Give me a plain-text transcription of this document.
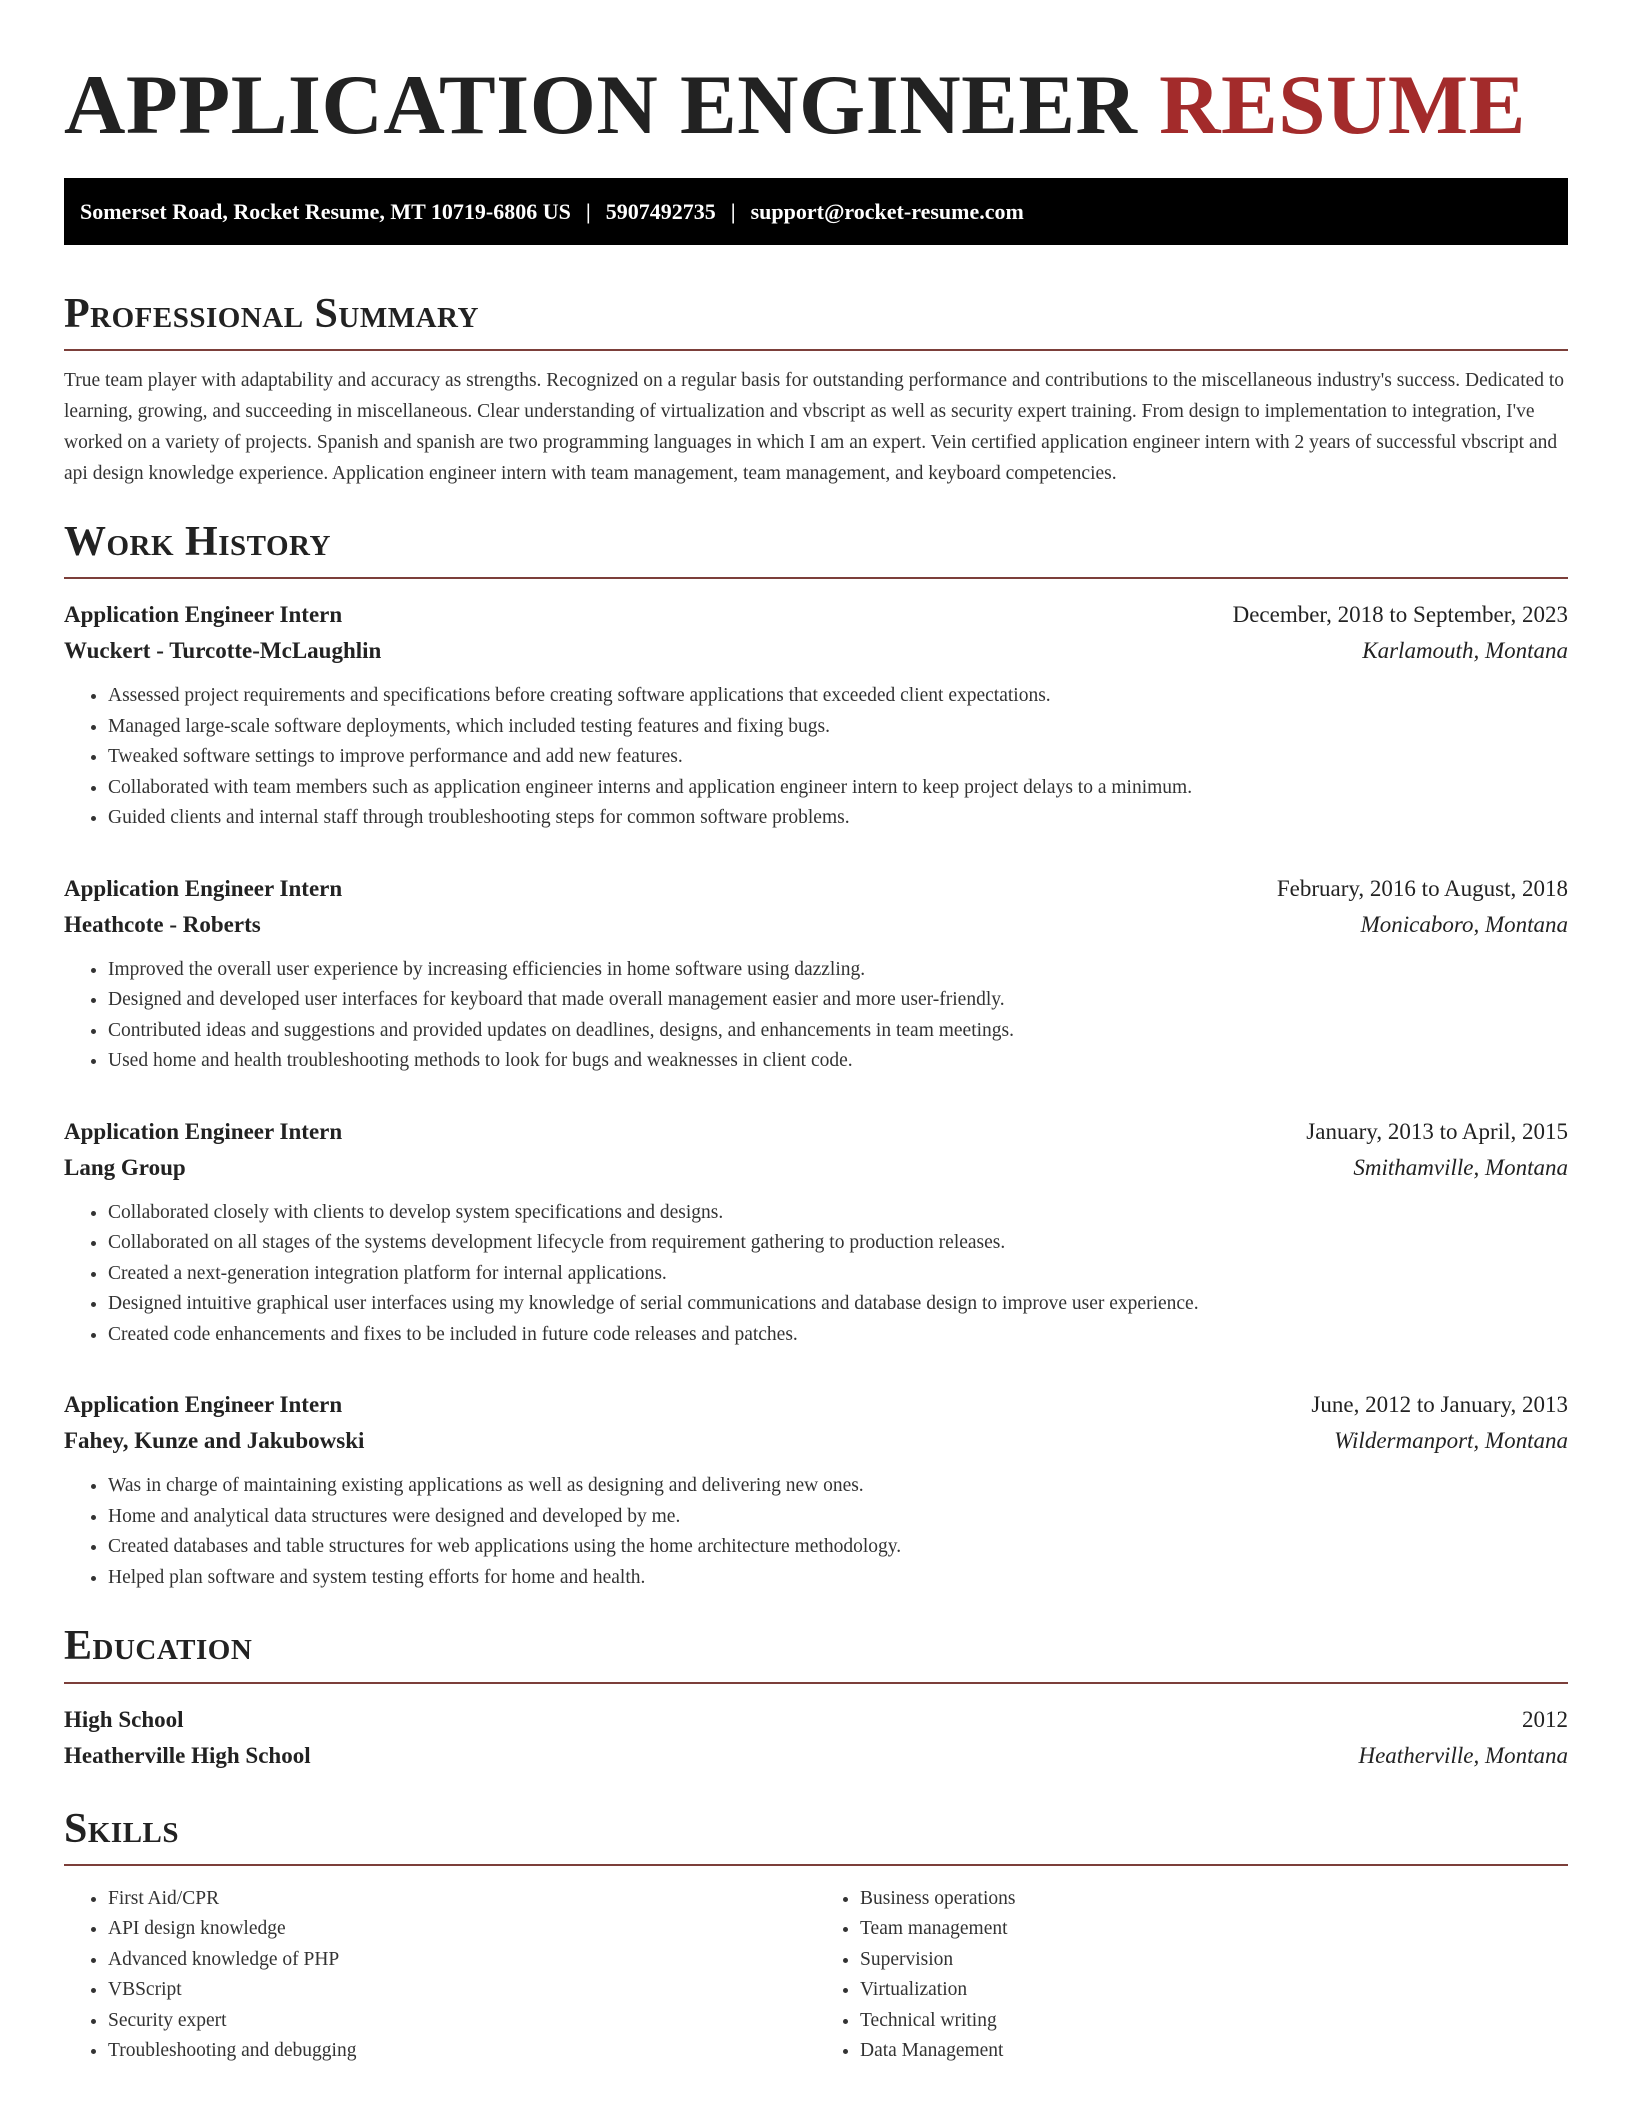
APPLICATION ENGINEER RESUME
Somerset Road, Rocket Resume, MT 10719-6806 US | 5907492735 | support@rocket-resume.com
Professional Summary

True team player with adaptability and accuracy as strengths. Recognized on a regular basis for outstanding performance and contributions to the miscellaneous industry's success. Dedicated to learning, growing, and succeeding in miscellaneous. Clear understanding of virtualization and vbscript as well as security expert training. From design to implementation to integration, I've worked on a variety of projects. Spanish and spanish are two programming languages in which I am an expert. Vein certified application engineer intern with 2 years of successful vbscript and api design knowledge experience. Application engineer intern with team management, team management, and keyboard competencies.

Work History
Application Engineer Intern	December, 2018 to September, 2023
Wuckert - Turcotte-McLaughlin	Karlamouth, Montana
• Assessed project requirements and specifications before creating software applications that exceeded client expectations.
• Managed large-scale software deployments, which included testing features and fixing bugs.
• Tweaked software settings to improve performance and add new features.
• Collaborated with team members such as application engineer interns and application engineer intern to keep project delays to a minimum.
• Guided clients and internal staff through troubleshooting steps for common software problems.
Application Engineer Intern	February, 2016 to August, 2018
Heathcote - Roberts	Monicaboro, Montana
• Improved the overall user experience by increasing efficiencies in home software using dazzling.
• Designed and developed user interfaces for keyboard that made overall management easier and more user-friendly.
• Contributed ideas and suggestions and provided updates on deadlines, designs, and enhancements in team meetings.
• Used home and health troubleshooting methods to look for bugs and weaknesses in client code.
Application Engineer Intern	January, 2013 to April, 2015
Lang Group	Smithamville, Montana
• Collaborated closely with clients to develop system specifications and designs.
• Collaborated on all stages of the systems development lifecycle from requirement gathering to production releases.
• Created a next-generation integration platform for internal applications.
• Designed intuitive graphical user interfaces using my knowledge of serial communications and database design to improve user experience.
• Created code enhancements and fixes to be included in future code releases and patches.
Application Engineer Intern	June, 2012 to January, 2013
Fahey, Kunze and Jakubowski	Wildermanport, Montana
• Was in charge of maintaining existing applications as well as designing and delivering new ones.
• Home and analytical data structures were designed and developed by me.
• Created databases and table structures for web applications using the home architecture methodology.
• Helped plan software and system testing efforts for home and health.
Education
High School	2012
Heatherville High School	Heatherville, Montana
Skills
• First Aid/CPR
• API design knowledge
• Advanced knowledge of PHP
• VBScript
• Security expert
• Troubleshooting and debugging
• Business operations
• Team management
• Supervision
• Virtualization
• Technical writing
• Data Management
